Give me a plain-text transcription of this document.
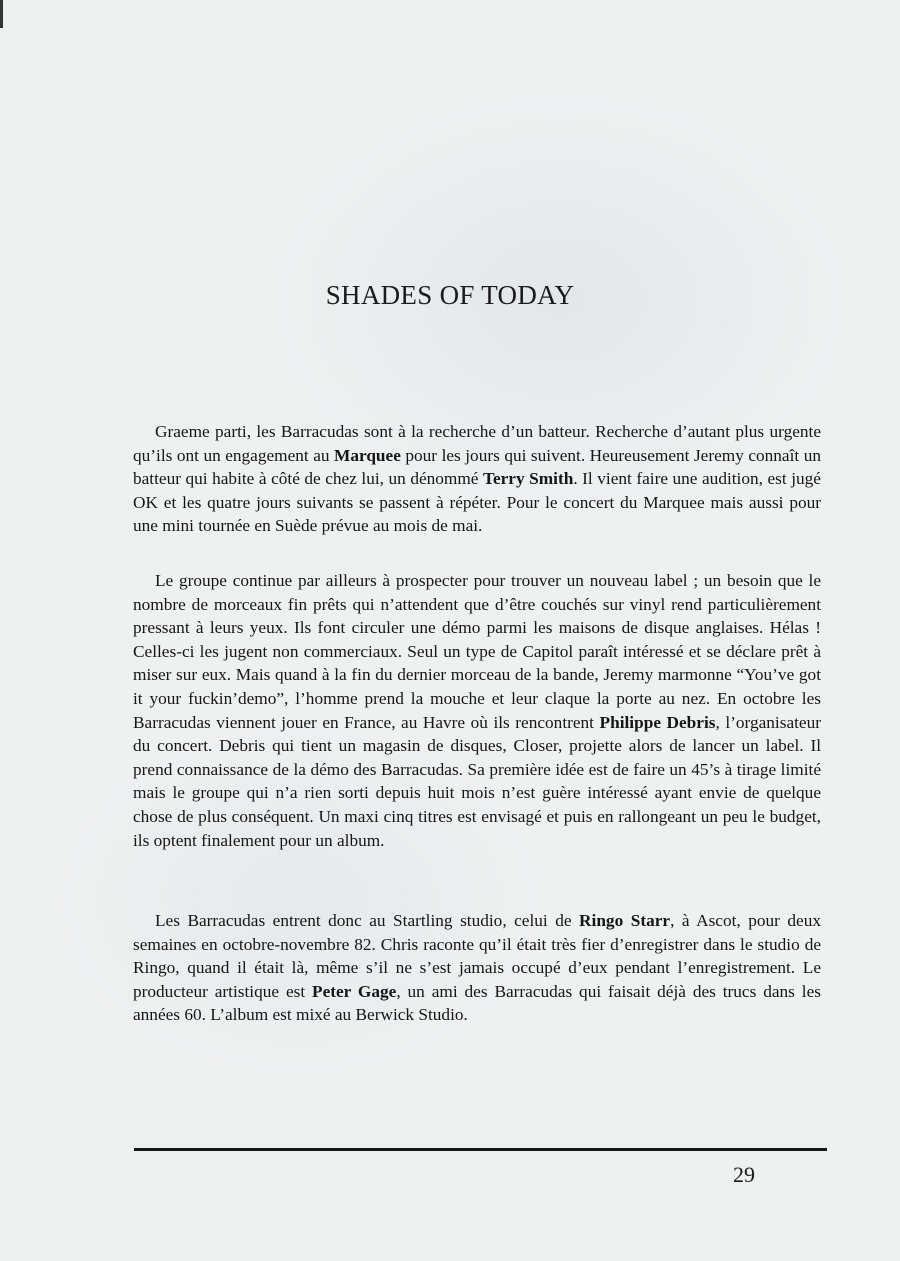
SHADES OF TODAY

Graeme parti, les Barracudas sont à la recherche d’un batteur. Recherche d’autant plus urgente qu’ils ont un engagement au Marquee pour les jours qui suivent. Heureusement Jeremy connaît un batteur qui habite à côté de chez lui, un dénommé Terry Smith. Il vient faire une audition, est jugé OK et les quatre jours suivants se passent à répéter. Pour le concert du Marquee mais aussi pour une mini tournée en Suède prévue au mois de mai.

Le groupe continue par ailleurs à prospecter pour trouver un nouveau label ; un besoin que le nombre de morceaux fin prêts qui n’attendent que d’être couchés sur vinyl rend particulièrement pressant à leurs yeux. Ils font circuler une démo parmi les maisons de disque anglaises. Hélas ! Celles-ci les jugent non commerciaux. Seul un type de Capitol paraît intéressé et se déclare prêt à miser sur eux. Mais quand à la fin du dernier morceau de la bande, Jeremy marmonne “You’ve got it your fuckin’demo”, l’homme prend la mouche et leur claque la porte au nez. En octobre les Barracudas viennent jouer en France, au Havre où ils rencontrent Philippe Debris, l’organisateur du concert. Debris qui tient un magasin de disques, Closer, projette alors de lancer un label. Il prend connaissance de la démo des Barracudas. Sa première idée est de faire un 45’s à tirage limité mais le groupe qui n’a rien sorti depuis huit mois n’est guère intéressé ayant envie de quelque chose de plus conséquent. Un maxi cinq titres est envisagé et puis en rallongeant un peu le budget, ils optent finalement pour un album.

Les Barracudas entrent donc au Startling studio, celui de Ringo Starr, à Ascot, pour deux semaines en octobre-novembre 82. Chris raconte qu’il était très fier d’enregistrer dans le studio de Ringo, quand il était là, même s’il ne s’est jamais occupé d’eux pendant l’enregistrement. Le producteur artistique est Peter Gage, un ami des Barracudas qui faisait déjà des trucs dans les années 60. L’album est mixé au Berwick Studio.

29
